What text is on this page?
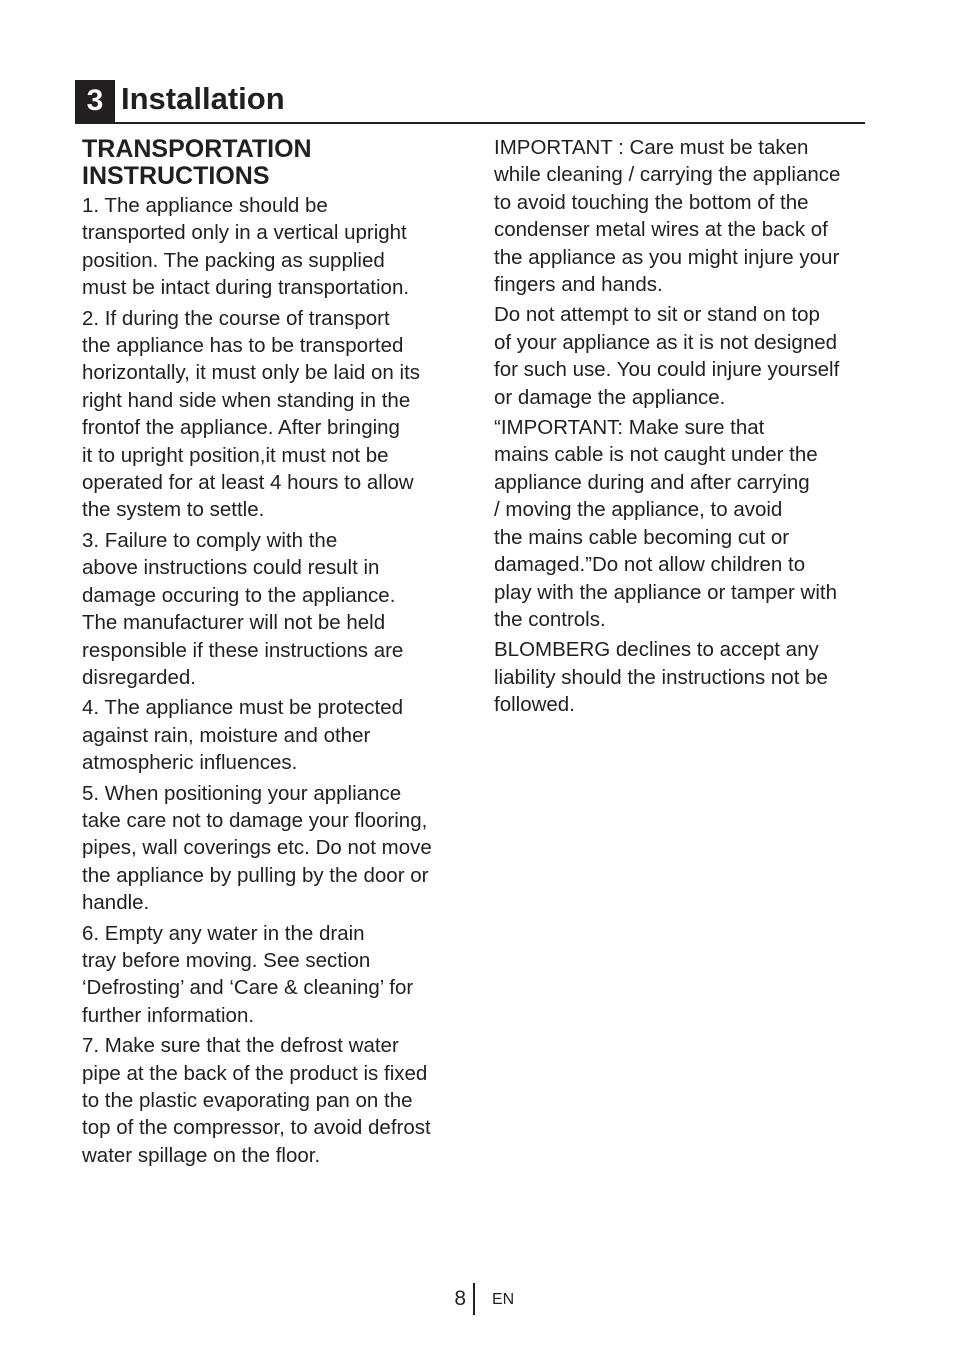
3 Installation
TRANSPORTATION
INSTRUCTIONS

1. The appliance should be
transported only in a vertical upright
position. The packing as supplied
must be intact during transportation.

2. If during the course of transport
the appliance has to be transported
horizontally, it must only be laid on its
right hand side when standing in the
frontof the appliance. After bringing
it to upright position,it must not be
operated for at least 4 hours to allow
the system to settle.

3. Failure to comply with the
above instructions could result in
damage occuring to the appliance.
The manufacturer will not be held
responsible if these instructions are
disregarded.

4. The appliance must be protected
against rain, moisture and other
atmospheric influences.

5. When positioning your appliance
take care not to damage your flooring,
pipes, wall coverings etc. Do not move
the appliance by pulling by the door or
handle.

6. Empty any water in the drain
tray before moving. See section
‘Defrosting’ and ‘Care & cleaning’ for
further information.

7. Make sure that the defrost water
pipe at the back of the product is fixed
to the plastic evaporating pan on the
top of the compressor, to avoid defrost
water spillage on the floor.

IMPORTANT : Care must be taken
while cleaning / carrying the appliance
to avoid touching the bottom of the
condenser metal wires at the back of
the appliance as you might injure your
fingers and hands.

Do not attempt to sit or stand on top
of your appliance as it is not designed
for such use. You could injure yourself
or damage the appliance.

“IMPORTANT: Make sure that
mains cable is not caught under the
appliance during and after carrying
/ moving the appliance, to avoid
the mains cable becoming cut or
damaged.”Do not allow children to
play with the appliance or tamper with
the controls.

BLOMBERG declines to accept any
liability should the instructions not be
followed.

8 EN
